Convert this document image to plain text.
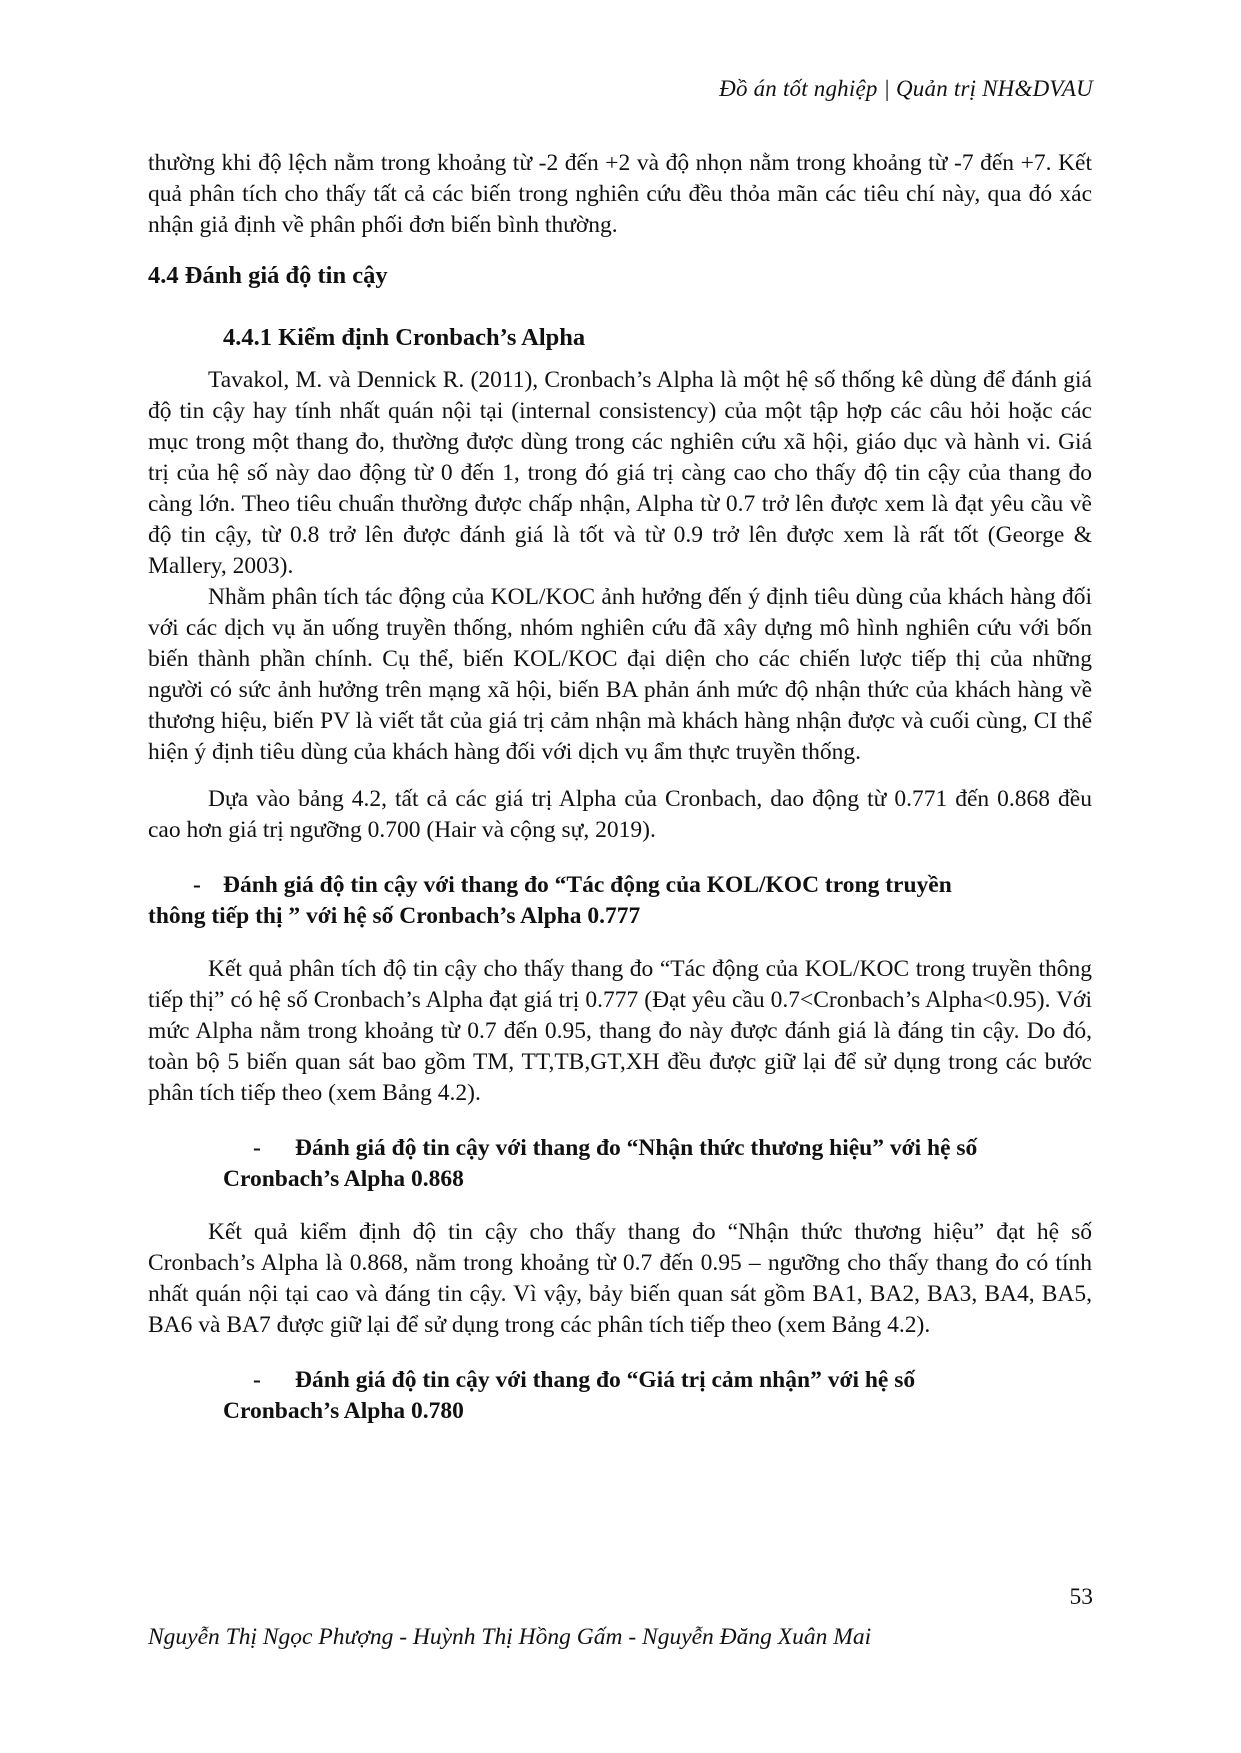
Đồ án tốt nghiệp | Quản trị NH&DVAU

thường khi độ lệch nằm trong khoảng từ -2 đến +2 và độ nhọn nằm trong khoảng từ -7 đến +7. Kết quả phân tích cho thấy tất cả các biến trong nghiên cứu đều thỏa mãn các tiêu chí này, qua đó xác nhận giả định về phân phối đơn biến bình thường.

4.4 Đánh giá độ tin cậy
4.4.1 Kiểm định Cronbach’s Alpha

Tavakol, M. và Dennick R. (2011), Cronbach’s Alpha là một hệ số thống kê dùng để đánh giá độ tin cậy hay tính nhất quán nội tại (internal consistency) của một tập hợp các câu hỏi hoặc các mục trong một thang đo, thường được dùng trong các nghiên cứu xã hội, giáo dục và hành vi. Giá trị của hệ số này dao động từ 0 đến 1, trong đó giá trị càng cao cho thấy độ tin cậy của thang đo càng lớn. Theo tiêu chuẩn thường được chấp nhận, Alpha từ 0.7 trở lên được xem là đạt yêu cầu về độ tin cậy, từ 0.8 trở lên được đánh giá là tốt và từ 0.9 trở lên được xem là rất tốt (George & Mallery, 2003).

Nhằm phân tích tác động của KOL/KOC ảnh hưởng đến ý định tiêu dùng của khách hàng đối với các dịch vụ ăn uống truyền thống, nhóm nghiên cứu đã xây dựng mô hình nghiên cứu với bốn biến thành phần chính. Cụ thể, biến KOL/KOC đại diện cho các chiến lược tiếp thị của những người có sức ảnh hưởng trên mạng xã hội, biến BA phản ánh mức độ nhận thức của khách hàng về thương hiệu, biến PV là viết tắt của giá trị cảm nhận mà khách hàng nhận được và cuối cùng, CI thể hiện ý định tiêu dùng của khách hàng đối với dịch vụ ẩm thực truyền thống.

Dựa vào bảng 4.2, tất cả các giá trị Alpha của Cronbach, dao động từ 0.771 đến 0.868 đều cao hơn giá trị ngưỡng 0.700 (Hair và cộng sự, 2019).

- Đánh giá độ tin cậy với thang đo “Tác động của KOL/KOC trong truyền
thông tiếp thị ” với hệ số Cronbach’s Alpha 0.777

Kết quả phân tích độ tin cậy cho thấy thang đo “Tác động của KOL/KOC trong truyền thông tiếp thị” có hệ số Cronbach’s Alpha đạt giá trị 0.777 (Đạt yêu cầu 0.7<Cronbach’s Alpha<0.95). Với mức Alpha nằm trong khoảng từ 0.7 đến 0.95, thang đo này được đánh giá là đáng tin cậy. Do đó, toàn bộ 5 biến quan sát bao gồm TM, TT,TB,GT,XH đều được giữ lại để sử dụng trong các bước phân tích tiếp theo (xem Bảng 4.2).

- Đánh giá độ tin cậy với thang đo “Nhận thức thương hiệu” với hệ số
Cronbach’s Alpha 0.868

Kết quả kiểm định độ tin cậy cho thấy thang đo “Nhận thức thương hiệu” đạt hệ số Cronbach’s Alpha là 0.868, nằm trong khoảng từ 0.7 đến 0.95 – ngưỡng cho thấy thang đo có tính nhất quán nội tại cao và đáng tin cậy. Vì vậy, bảy biến quan sát gồm BA1, BA2, BA3, BA4, BA5, BA6 và BA7 được giữ lại để sử dụng trong các phân tích tiếp theo (xem Bảng 4.2).

- Đánh giá độ tin cậy với thang đo “Giá trị cảm nhận” với hệ số
Cronbach’s Alpha 0.780
53
Nguyễn Thị Ngọc Phượng - Huỳnh Thị Hồng Gấm - Nguyễn Đăng Xuân Mai
